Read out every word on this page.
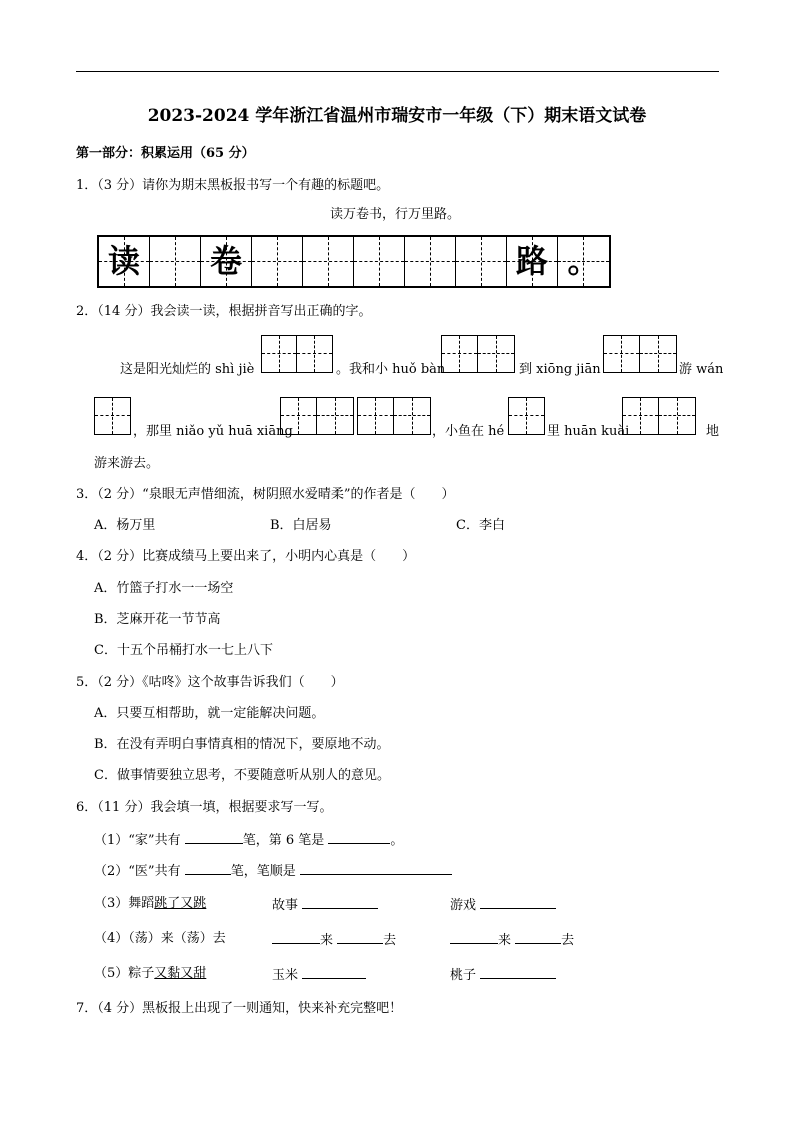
2023-2024 学年浙江省温州市瑞安市一年级（下）期末语文试卷
第一部分：积累运用（65 分）
1．（3 分）请你为期末黑板报书写一个有趣的标题吧。
读万卷书，行万里路。
读 卷	路 。
2．（14 分）我会读一读，根据拼音写出正确的字。
这是阳光灿烂的 shì jiè	。我和小 huǒ bàn	到 xiōng jiān	游 wán
，那里 niǎo yǔ huā xiāng	，小鱼在 hé	里 huān kuài	地
游来游去。
3．（2 分）“泉眼无声惜细流，树阴照水爱晴柔”的作者是（　　）
A．杨万里	B．白居易	C．李白
4．（2 分）比赛成绩马上要出来了，小明内心真是（　　）
A．竹篮子打水一一场空
B．芝麻开花一节节高
C．十五个吊桶打水一七上八下
5．（2 分）《咕咚》这个故事告诉我们（　　）
A．只要互相帮助，就一定能解决问题。
B．在没有弄明白事情真相的情况下，要原地不动。
C．做事情要独立思考，不要随意听从别人的意见。
6．（11 分）我会填一填，根据要求写一写。
（1）“家”共有	笔，第 6 笔是	。
（2）“医”共有	笔，笔顺是
（3）舞蹈跳了又跳	故事	游戏
（4）（荡）来（荡）去	来	去	来	去
（5）粽子又黏又甜	玉米	桃子
7．（4 分）黑板报上出现了一则通知，快来补充完整吧！
